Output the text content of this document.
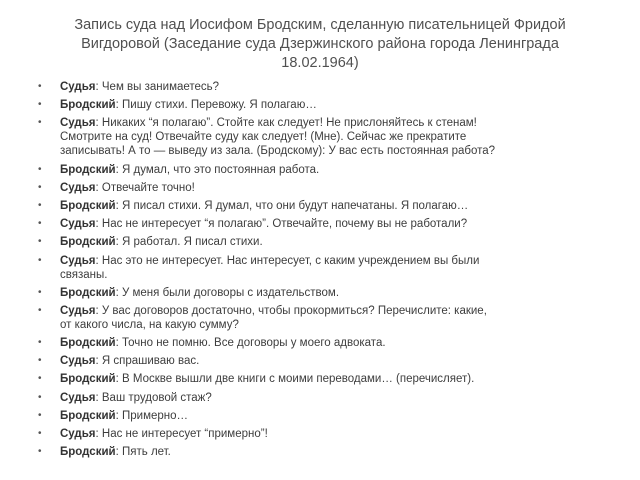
Запись суда над Иосифом Бродским, сделанную писательницей Фридой
Вигдоровой (Заседание суда Дзержинского района города Ленинграда
18.02.1964)
• Судья: Чем вы занимаетесь?
• Бродский: Пишу стихи. Перевожу. Я полагаю…
• Судья: Никаких “я полагаю”. Стойте как следует! Не прислоняйтесь к стенам!
Смотрите на суд! Отвечайте суду как следует! (Мне). Сейчас же прекратите
записывать! А то — выведу из зала. (Бродскому): У вас есть постоянная работа?
• Бродский: Я думал, что это постоянная работа.
• Судья: Отвечайте точно!
• Бродский: Я писал стихи. Я думал, что они будут напечатаны. Я полагаю…
• Судья: Нас не интересует “я полагаю”. Отвечайте, почему вы не работали?
• Бродский: Я работал. Я писал стихи.
• Судья: Нас это не интересует. Нас интересует, с каким учреждением вы были
связаны.
• Бродский: У меня были договоры с издательством.
• Судья: У вас договоров достаточно, чтобы прокормиться? Перечислите: какие,
от какого числа, на какую сумму?
• Бродский: Точно не помню. Все договоры у моего адвоката.
• Судья: Я спрашиваю вас.
• Бродский: В Москве вышли две книги с моими переводами… (перечисляет).
• Судья: Ваш трудовой стаж?
• Бродский: Примерно…
• Судья: Нас не интересует “примерно”!
• Бродский: Пять лет.
